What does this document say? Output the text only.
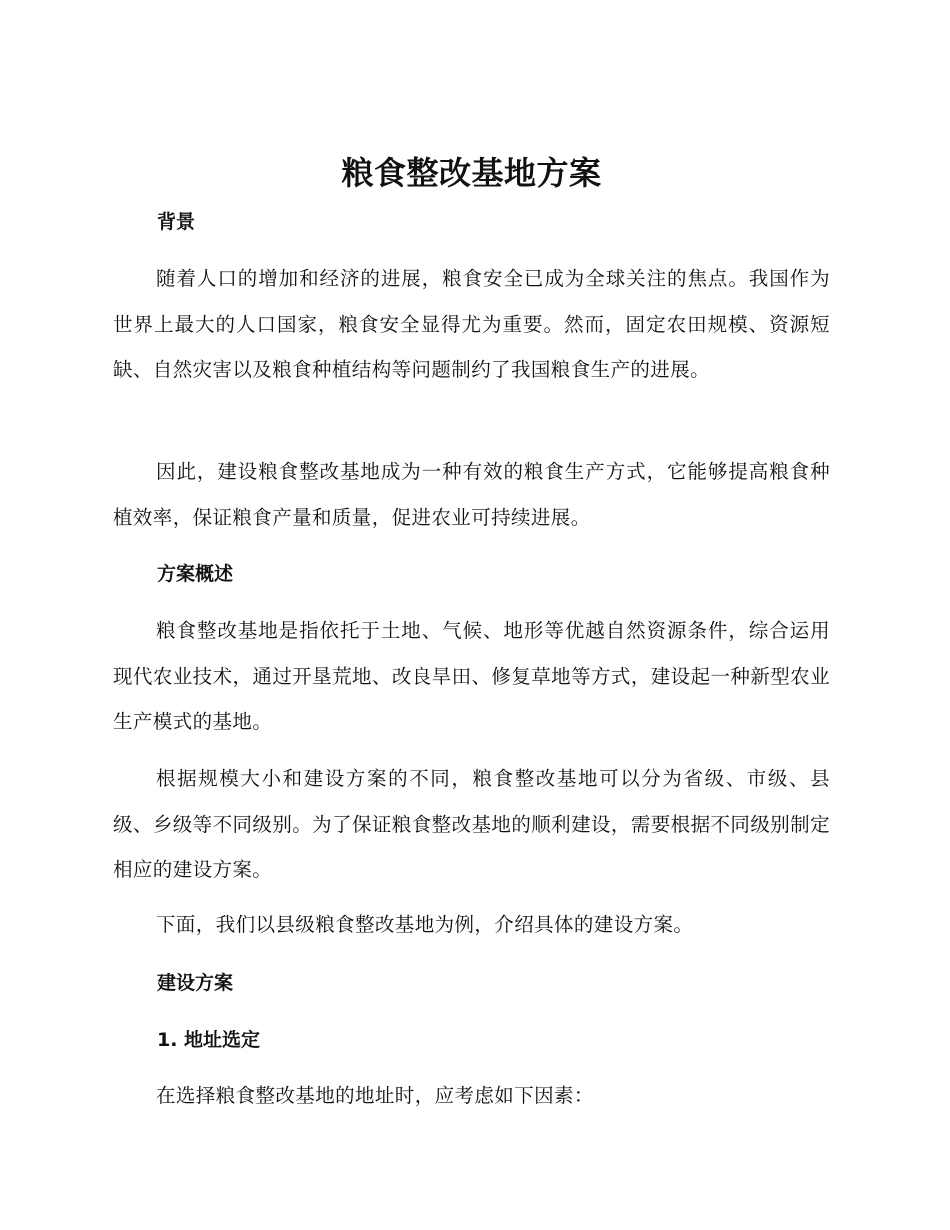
粮食整改基地方案
背景

随着人口的增加和经济的进展，粮食安全已成为全球关注的焦点。我国作为世界上最大的人口国家，粮食安全显得尤为重要。然而，固定农田规模、资源短缺、自然灾害以及粮食种植结构等问题制约了我国粮食生产的进展。

因此，建设粮食整改基地成为一种有效的粮食生产方式，它能够提高粮食种植效率，保证粮食产量和质量，促进农业可持续进展。

方案概述

粮食整改基地是指依托于土地、气候、地形等优越自然资源条件，综合运用现代农业技术，通过开垦荒地、改良旱田、修复草地等方式，建设起一种新型农业生产模式的基地。

根据规模大小和建设方案的不同，粮食整改基地可以分为省级、市级、县级、乡级等不同级别。为了保证粮食整改基地的顺利建设，需要根据不同级别制定相应的建设方案。

下面，我们以县级粮食整改基地为例，介绍具体的建设方案。

建设方案
1. 地址选定

在选择粮食整改基地的地址时，应考虑如下因素：
